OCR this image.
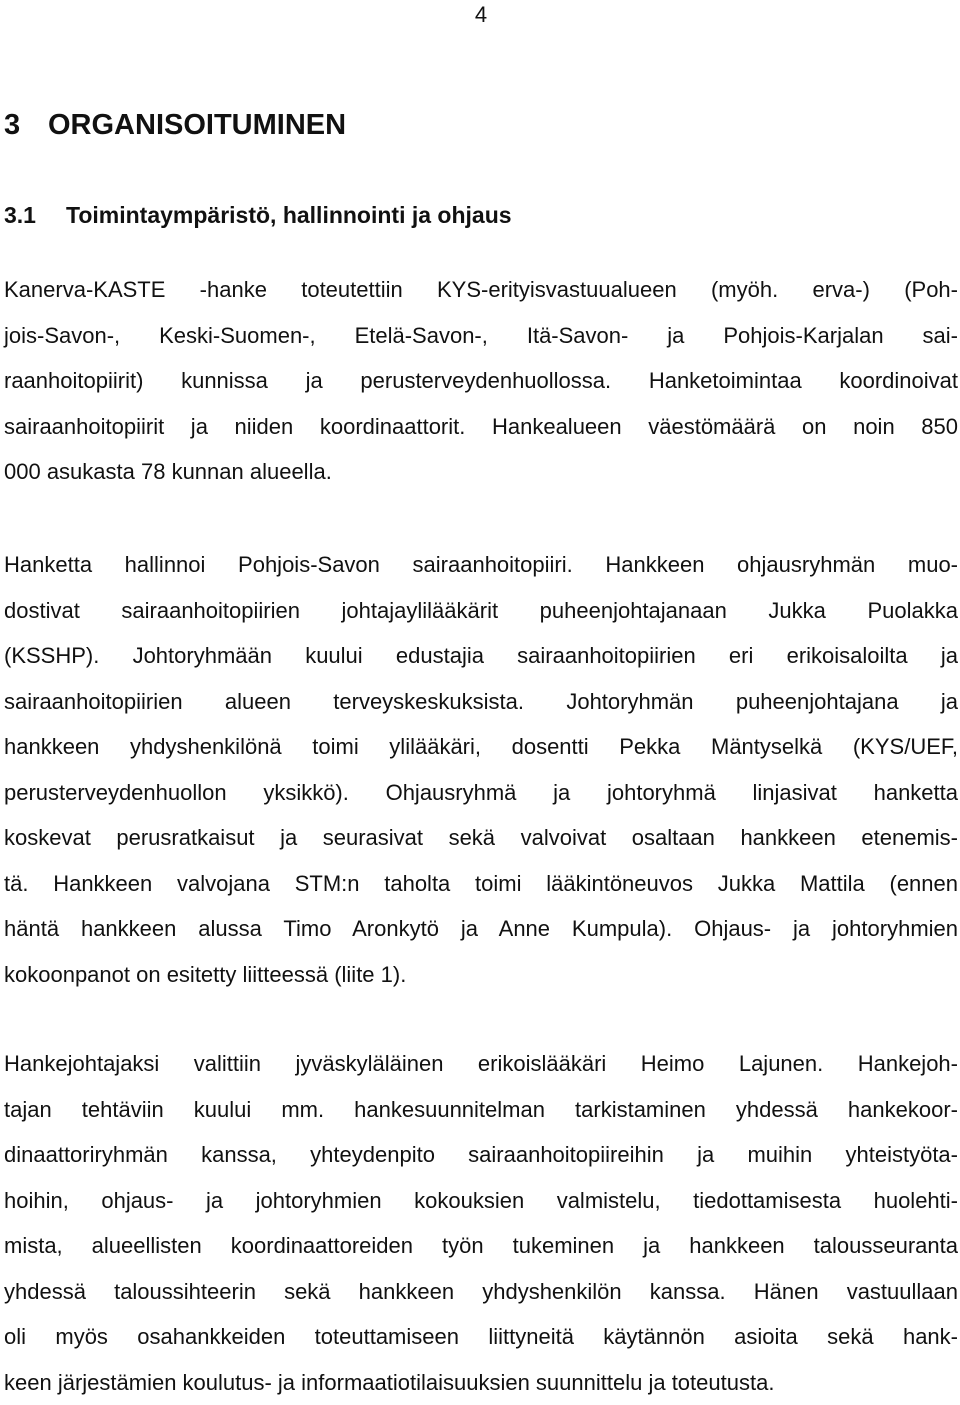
4
3 ORGANISOITUMINEN
3.1 Toimintaympäristö, hallinnointi ja ohjaus
Kanerva-KASTE -hanke toteutettiin KYS-erityisvastuualueen (myöh. erva-) (Poh-
jois-Savon-, Keski-Suomen-, Etelä-Savon-, Itä-Savon- ja Pohjois-Karjalan sai-
raanhoitopiirit) kunnissa ja perusterveydenhuollossa. Hanketoimintaa koordinoivat
sairaanhoitopiirit ja niiden koordinaattorit. Hankealueen väestömäärä on noin 850
000 asukasta 78 kunnan alueella.
Hanketta hallinnoi Pohjois-Savon sairaanhoitopiiri. Hankkeen ohjausryhmän muo-
dostivat sairaanhoitopiirien johtajaylilääkärit puheenjohtajanaan Jukka Puolakka
(KSSHP). Johtoryhmään kuului edustajia sairaanhoitopiirien eri erikoisaloilta ja
sairaanhoitopiirien alueen terveyskeskuksista. Johtoryhmän puheenjohtajana ja
hankkeen yhdyshenkilönä toimi ylilääkäri, dosentti Pekka Mäntyselkä (KYS/UEF,
perusterveydenhuollon yksikkö). Ohjausryhmä ja johtoryhmä linjasivat hanketta
koskevat perusratkaisut ja seurasivat sekä valvoivat osaltaan hankkeen etenemis-
tä. Hankkeen valvojana STM:n taholta toimi lääkintöneuvos Jukka Mattila (ennen
häntä hankkeen alussa Timo Aronkytö ja Anne Kumpula). Ohjaus- ja johtoryhmien
kokoonpanot on esitetty liitteessä (liite 1).
Hankejohtajaksi valittiin jyväskyläläinen erikoislääkäri Heimo Lajunen. Hankejoh-
tajan tehtäviin kuului mm. hankesuunnitelman tarkistaminen yhdessä hankekoor-
dinaattoriryhmän kanssa, yhteydenpito sairaanhoitopiireihin ja muihin yhteistyöta-
hoihin, ohjaus- ja johtoryhmien kokouksien valmistelu, tiedottamisesta huolehti-
mista, alueellisten koordinaattoreiden työn tukeminen ja hankkeen talousseuranta
yhdessä taloussihteerin sekä hankkeen yhdyshenkilön kanssa. Hänen vastuullaan
oli myös osahankkeiden toteuttamiseen liittyneitä käytännön asioita sekä hank-
keen järjestämien koulutus- ja informaatiotilaisuuksien suunnittelu ja toteutusta.
